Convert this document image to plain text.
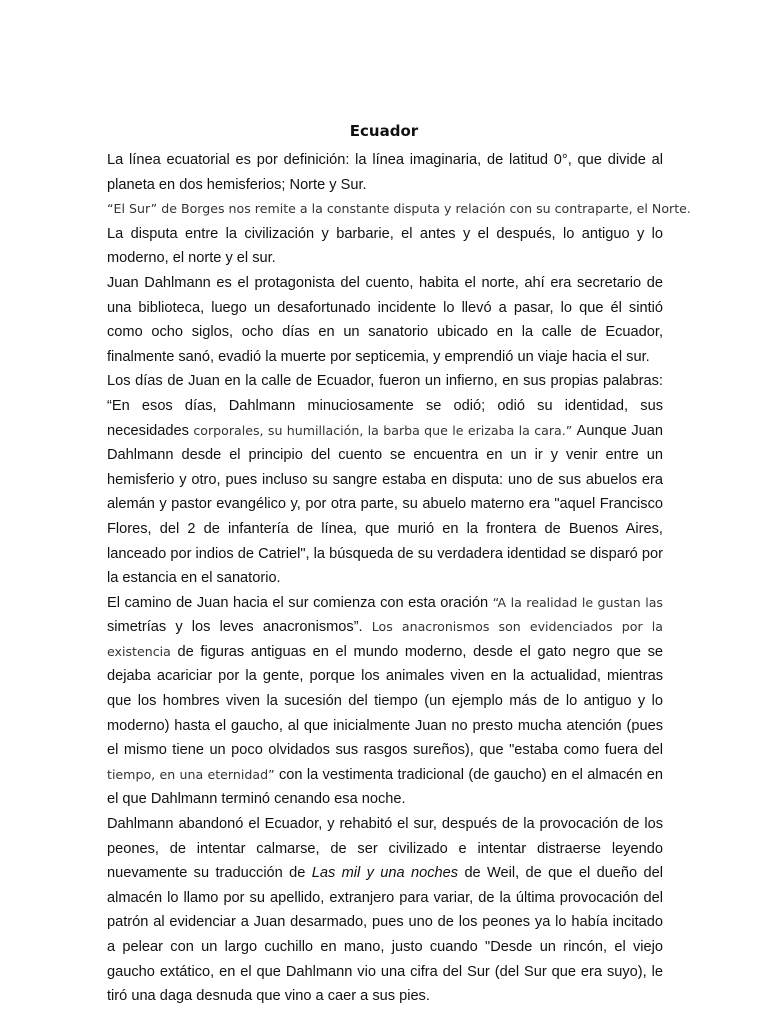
Ecuador

La línea ecuatorial es por definición: la línea imaginaria, de latitud 0°, que divide al planeta en dos hemisferios; Norte y Sur.

“El Sur” de Borges nos remite a la constante disputa y relación con su contraparte, el Norte.

La disputa entre la civilización y barbarie, el antes y el después, lo antiguo y lo moderno, el norte y el sur.

Juan Dahlmann es el protagonista del cuento, habita el norte, ahí era secretario de una biblioteca, luego un desafortunado incidente lo llevó a pasar, lo que él sintió como ocho siglos, ocho días en un sanatorio ubicado en la calle de Ecuador, finalmente sanó, evadió la muerte por septicemia, y emprendió un viaje hacia el sur.

Los días de Juan en la calle de Ecuador, fueron un infierno, en sus propias palabras: “En esos días, Dahlmann minuciosamente se odió; odió su identidad, sus necesidades corporales, su humillación, la barba que le erizaba la cara.” Aunque Juan Dahlmann desde el principio del cuento se encuentra en un ir y venir entre un hemisferio y otro, pues incluso su sangre estaba en disputa: uno de sus abuelos era alemán y pastor evangélico y, por otra parte, su abuelo materno era "aquel Francisco Flores, del 2 de infantería de línea, que murió en la frontera de Buenos Aires, lanceado por indios de Catriel", la búsqueda de su verdadera identidad se disparó por la estancia en el sanatorio.

El camino de Juan hacia el sur comienza con esta oración “A la realidad le gustan las simetrías y los leves anacronismos”. Los anacronismos son evidenciados por la existencia de figuras antiguas en el mundo moderno, desde el gato negro que se dejaba acariciar por la gente, porque los animales viven en la actualidad, mientras que los hombres viven la sucesión del tiempo (un ejemplo más de lo antiguo y lo moderno) hasta el gaucho, al que inicialmente Juan no presto mucha atención (pues el mismo tiene un poco olvidados sus rasgos sureños), que "estaba como fuera del tiempo, en una eternidad” con la vestimenta tradicional (de gaucho) en el almacén en el que Dahlmann terminó cenando esa noche.

Dahlmann abandonó el Ecuador, y rehabitó el sur, después de la provocación de los peones, de intentar calmarse, de ser civilizado e intentar distraerse leyendo nuevamente su traducción de Las mil y una noches de Weil, de que el dueño del almacén lo llamo por su apellido, extranjero para variar, de la última provocación del patrón al evidenciar a Juan desarmado, pues uno de los peones ya lo había incitado a pelear con un largo cuchillo en mano, justo cuando "Desde un rincón, el viejo gaucho extático, en el que Dahlmann vio una cifra del Sur (del Sur que era suyo), le tiró una daga desnuda que vino a caer a sus pies.
